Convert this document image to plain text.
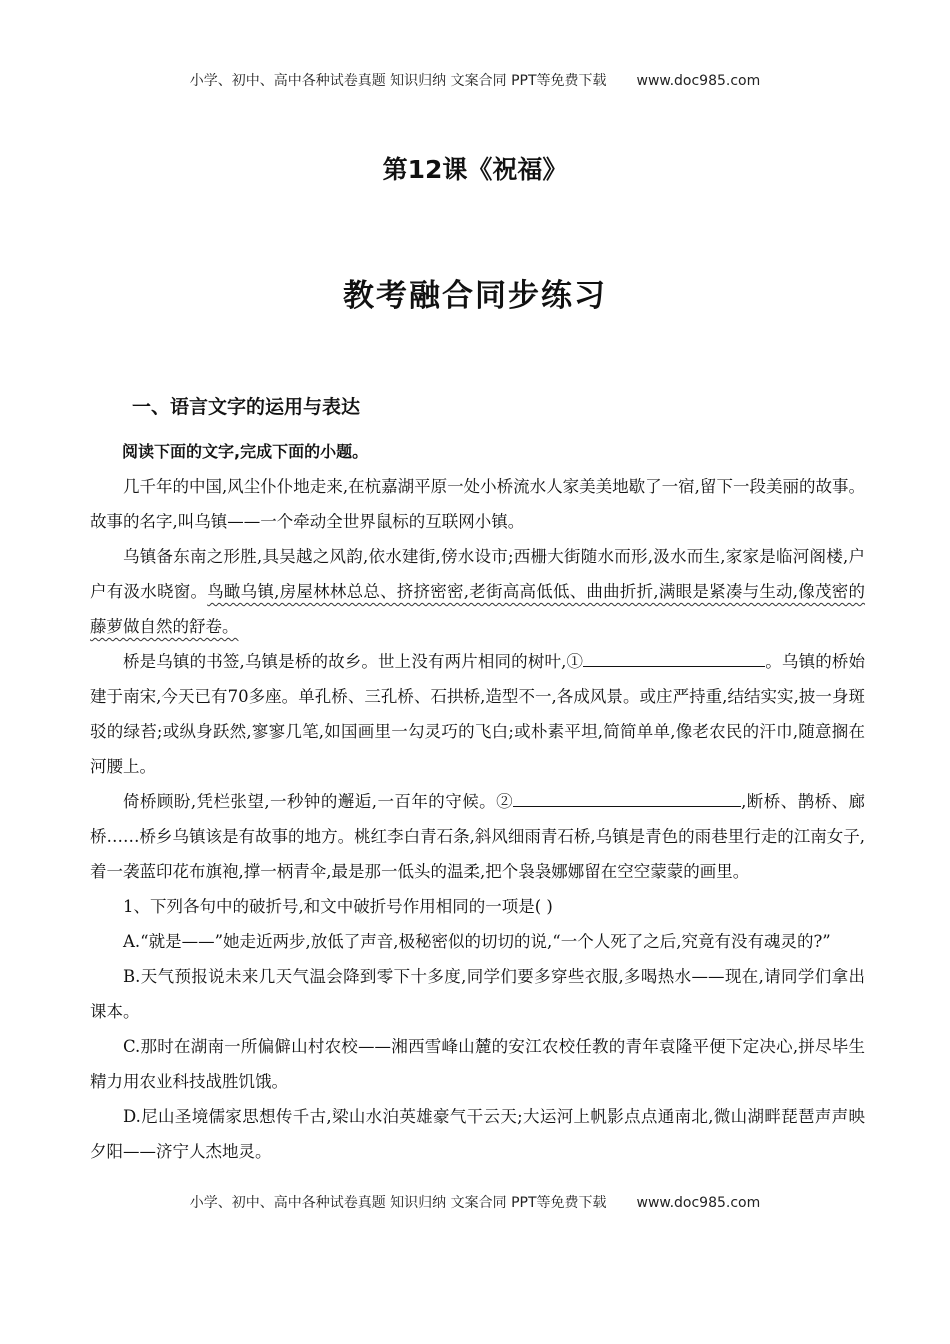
小学、初中、高中各种试卷真题 知识归纳 文案合同 PPT等免费下载 www.doc985.com
第12课《祝福》
教考融合同步练习
一、语言文字的运用与表达

阅读下面的文字,完成下面的小题。

几千年的中国,风尘仆仆地走来,在杭嘉湖平原一处小桥流水人家美美地歇了一宿,留下一段美丽的故事。故事的名字,叫乌镇——一个牵动全世界鼠标的互联网小镇。

乌镇备东南之形胜,具吴越之风韵,依水建街,傍水设市;西栅大街随水而形,汲水而生,家家是临河阁楼,户户有汲水晓窗。鸟瞰乌镇,房屋林林总总、挤挤密密,老街高高低低、曲曲折折,满眼是紧凑与生动,像茂密的藤萝做自然的舒卷。

桥是乌镇的书签,乌镇是桥的故乡。世上没有两片相同的树叶,①	。乌镇的桥始建于南宋,今天已有70多座。单孔桥、三孔桥、石拱桥,造型不一,各成风景。或庄严持重,结结实实,披一身斑驳的绿苔;或纵身跃然,寥寥几笔,如国画里一勾灵巧的飞白;或朴素平坦,简简单单,像老农民的汗巾,随意搁在河腰上。

倚桥顾盼,凭栏张望,一秒钟的邂逅,一百年的守候。②	,断桥、鹊桥、廊桥……桥乡乌镇该是有故事的地方。桃红李白青石条,斜风细雨青石桥,乌镇是青色的雨巷里行走的江南女子,着一袭蓝印花布旗袍,撑一柄青伞,最是那一低头的温柔,把个袅袅娜娜留在空空蒙蒙的画里。

1、下列各句中的破折号,和文中破折号作用相同的一项是( )

A.“就是——”她走近两步,放低了声音,极秘密似的切切的说,“一个人死了之后,究竟有没有魂灵的?”

B.天气预报说未来几天气温会降到零下十多度,同学们要多穿些衣服,多喝热水——现在,请同学们拿出课本。

C.那时在湖南一所偏僻山村农校——湘西雪峰山麓的安江农校任教的青年袁隆平便下定决心,拼尽毕生精力用农业科技战胜饥饿。

D.尼山圣境儒家思想传千古,梁山水泊英雄豪气干云天;大运河上帆影点点通南北,微山湖畔琵琶声声映夕阳——济宁人杰地灵。

小学、初中、高中各种试卷真题 知识归纳 文案合同 PPT等免费下载 www.doc985.com
